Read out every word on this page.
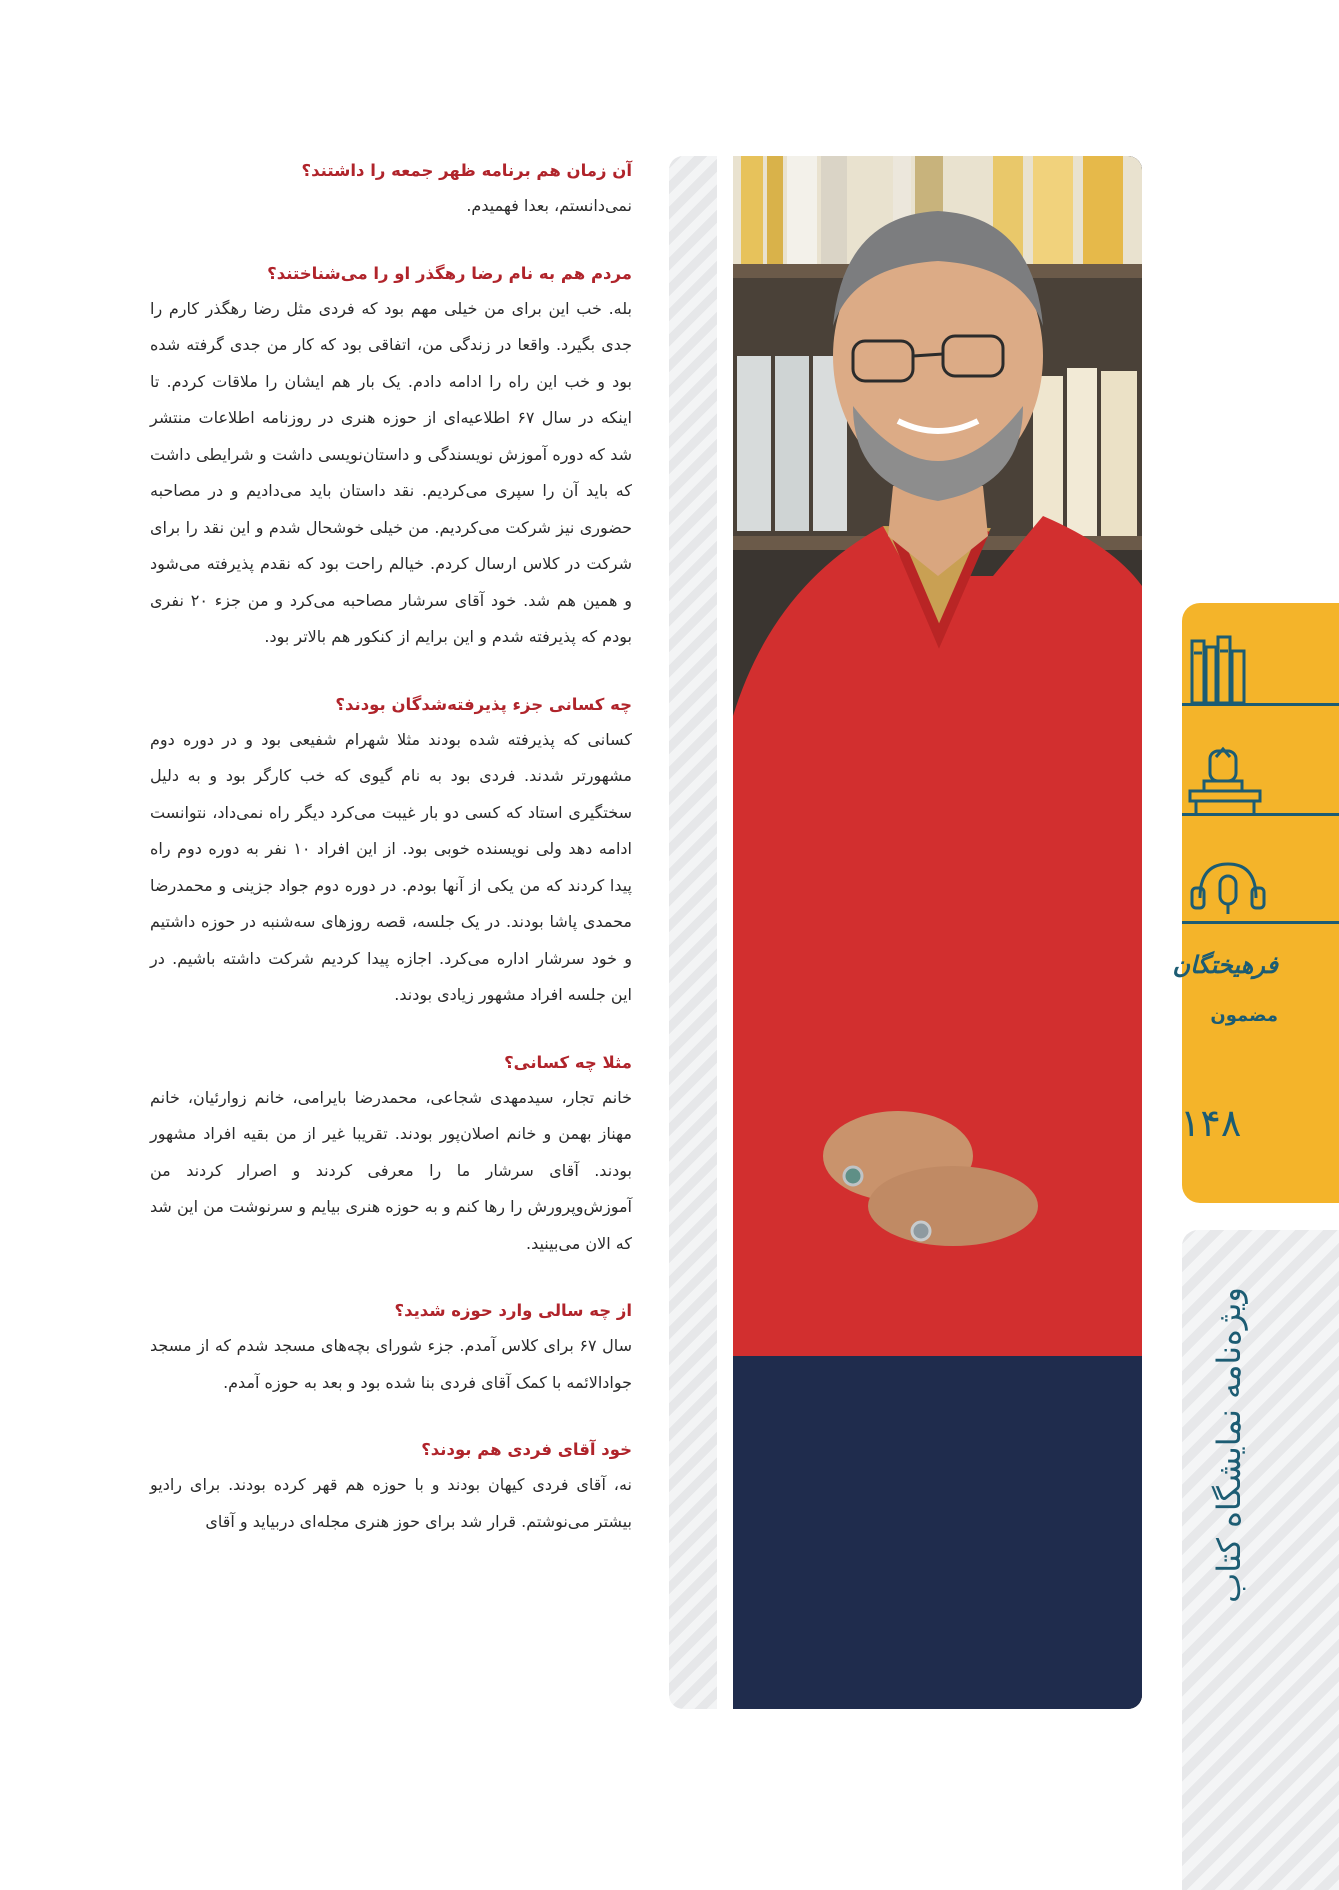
آن زمان هم برنامه ظهر جمعه را داشتند؟

نمی‌دانستم، بعدا فهمیدم.

مردم هم به نام رضا رهگذر او را می‌شناختند؟

بله. خب این برای من خیلی مهم بود که فردی مثل رضا رهگذر کارم را جدی بگیرد. واقعا در زندگی من، اتفاقی بود که کار من جدی گرفته شده بود و خب این راه را ادامه دادم. یک بار هم ایشان را ملاقات کردم. تا اینکه در سال ۶۷ اطلاعیه‌ای از حوزه هنری در روزنامه اطلاعات منتشر شد که دوره آموزش نویسندگی و داستان‌نویسی داشت و شرایطی داشت که باید آن را سپری می‌کردیم. نقد داستان باید می‌دادیم و در مصاحبه حضوری نیز شرکت می‌کردیم. من خیلی خوشحال شدم و این نقد را برای شرکت در کلاس ارسال کردم. خیالم راحت بود که نقدم پذیرفته می‌شود و همین هم شد. خود آقای سرشار مصاحبه می‌کرد و من جزء ۲۰ نفری بودم که پذیرفته شدم و این برایم از کنکور هم بالاتر بود.

چه کسانی جزء پذیرفته‌شدگان بودند؟

کسانی که پذیرفته شده بودند مثلا شهرام شفیعی بود و در دوره دوم مشهورتر شدند. فردی بود به نام گیوی که خب کارگر بود و به دلیل سختگیری استاد که کسی دو بار غیبت می‌کرد دیگر راه نمی‌داد، نتوانست ادامه دهد ولی نویسنده خوبی بود. از این افراد ۱۰ نفر به دوره دوم راه پیدا کردند که من یکی از آنها بودم. در دوره دوم جواد جزینی و محمدرضا محمدی پاشا بودند. در یک جلسه، قصه روزهای سه‌شنبه در حوزه داشتیم و خود سرشار اداره می‌کرد. اجازه پیدا کردیم شرکت داشته باشیم. در این جلسه افراد مشهور زیادی بودند.

مثلا چه کسانی؟

خانم تجار، سیدمهدی شجاعی، محمدرضا بایرامی، خانم زوارئیان، خانم مهناز بهمن و خانم اصلان‌پور بودند. تقریبا غیر از من بقیه افراد مشهور بودند. آقای سرشار ما را معرفی کردند و اصرار کردند من آموزش‌وپرورش را رها کنم و به حوزه هنری بیایم و سرنوشت من این شد که الان می‌بینید.

از چه سالی وارد حوزه شدید؟

سال ۶۷ برای کلاس آمدم. جزء شورای بچه‌های مسجد شدم که از مسجد جوادالائمه با کمک آقای فردی بنا شده بود و بعد به حوزه آمدم.

خود آقای فردی هم بودند؟

نه، آقای فردی کیهان بودند و با حوزه هم قهر کرده بودند. برای رادیو بیشتر می‌نوشتم. قرار شد برای حوز هنری مجله‌ای دربیاید و آقای	ویژه‌نامه نمایشگاه کتاب
فرهیختگان
مضمون
۱۴۸
